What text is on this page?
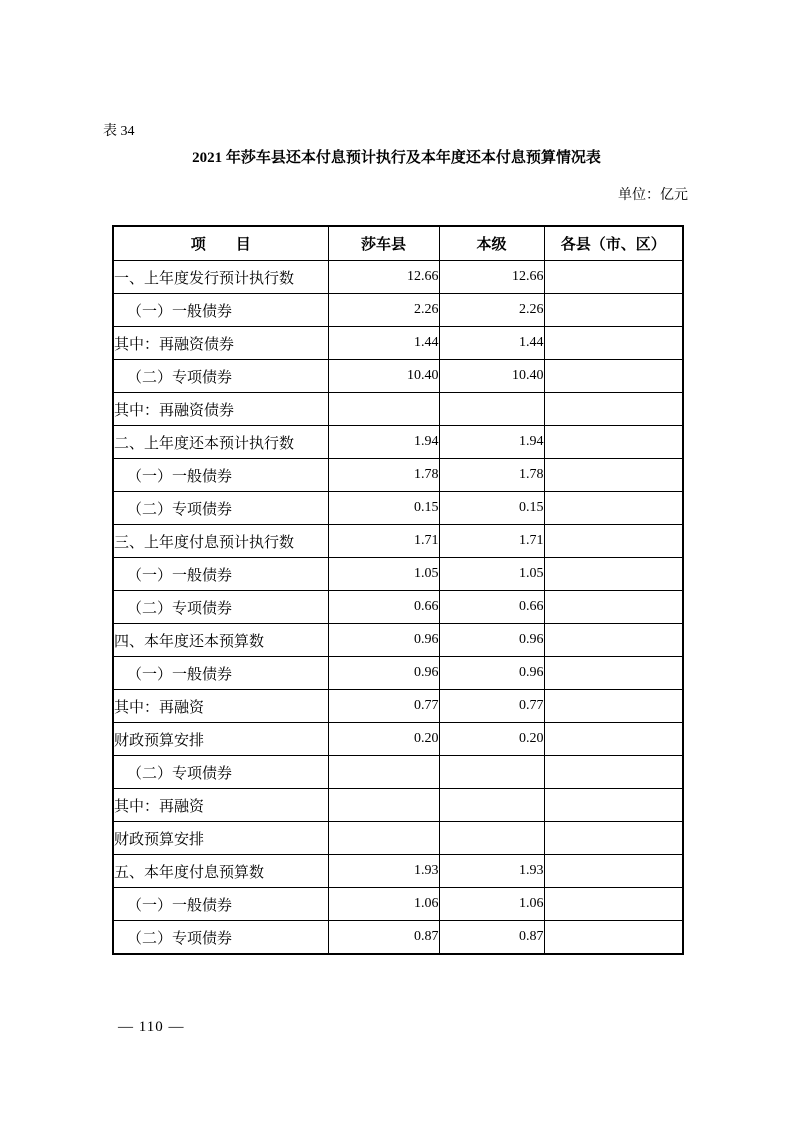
表 34
2021 年莎车县还本付息预计执行及本年度还本付息预算情况表
单位：亿元
项　　目	莎车县	本级	各县（市、区）
一、上年度发行预计执行数	12.66	12.66	
（一）一般债券	2.26	2.26	
其中：再融资债券	1.44	1.44	
（二）专项债券	10.40	10.40	
其中：再融资债券			
二、上年度还本预计执行数	1.94	1.94	
（一）一般债券	1.78	1.78	
（二）专项债券	0.15	0.15	
三、上年度付息预计执行数	1.71	1.71	
（一）一般债券	1.05	1.05	
（二）专项债券	0.66	0.66	
四、本年度还本预算数	0.96	0.96	
（一）一般债券	0.96	0.96	
其中：再融资	0.77	0.77	
财政预算安排	0.20	0.20	
（二）专项债券			
其中：再融资			
财政预算安排			
五、本年度付息预算数	1.93	1.93	
（一）一般债券	1.06	1.06	
（二）专项债券	0.87	0.87	
— 110 —
